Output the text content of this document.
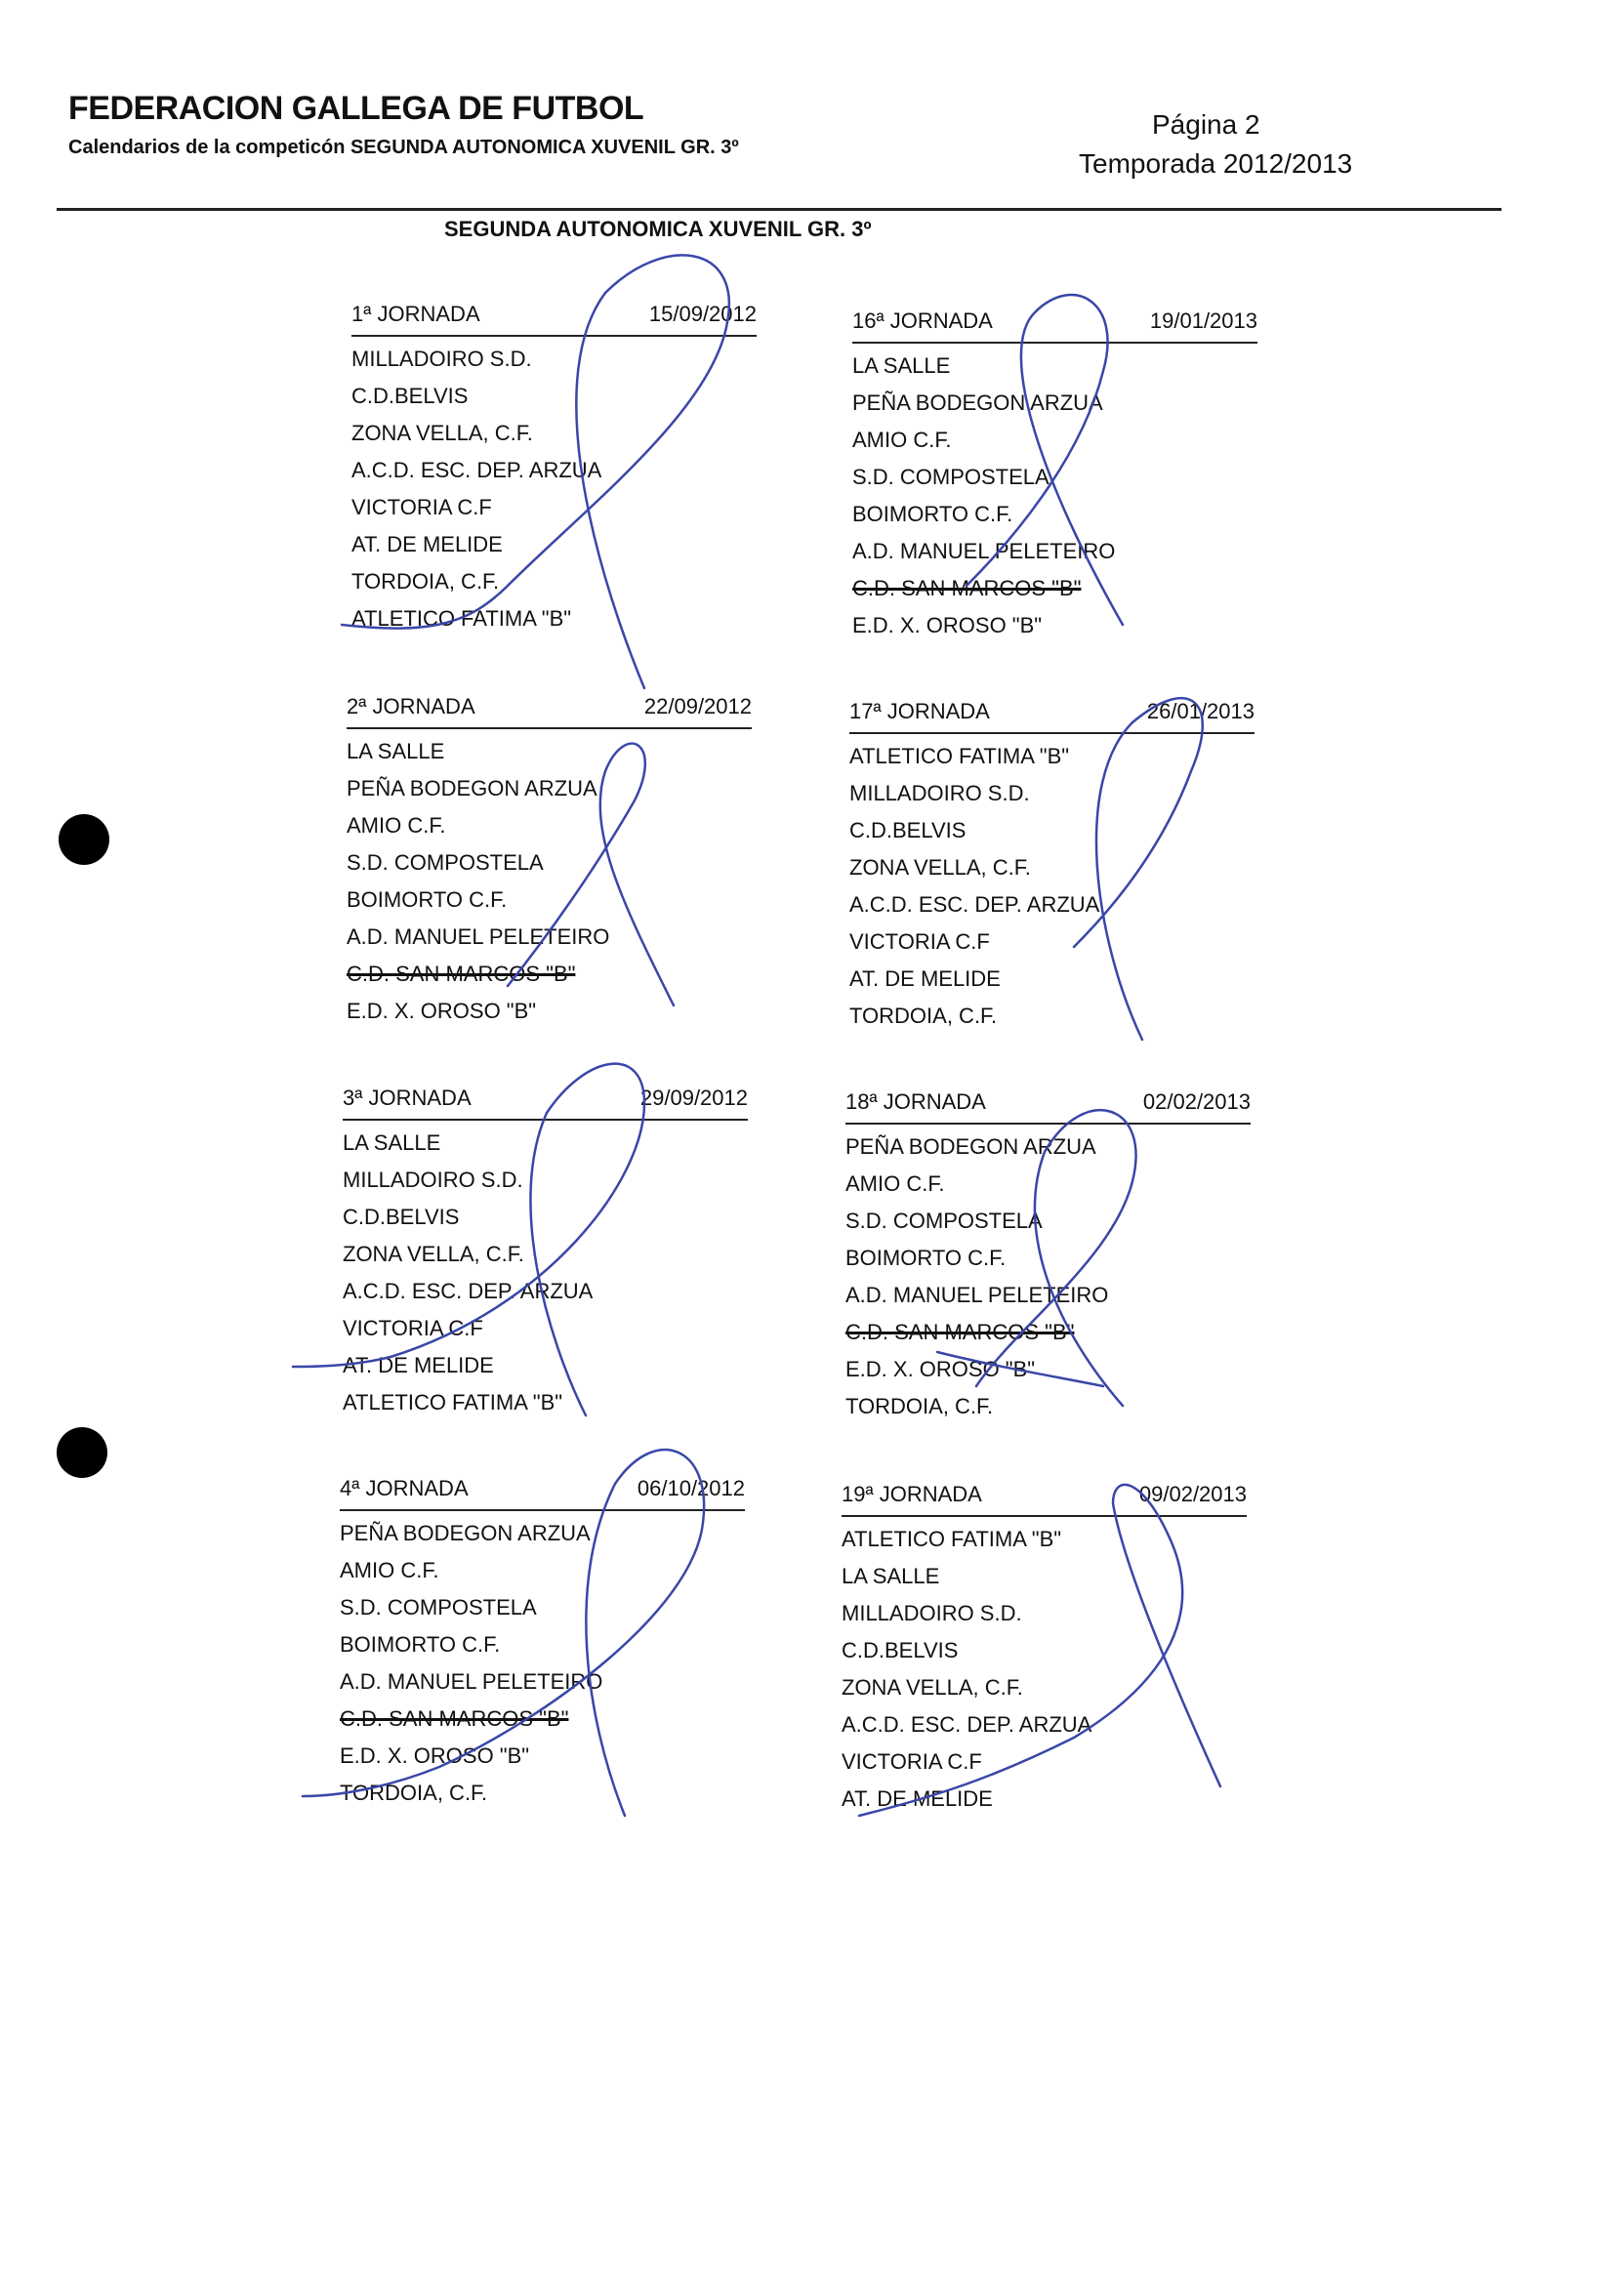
FEDERACION GALLEGA DE FUTBOL
Calendarios de la competicón SEGUNDA AUTONOMICA XUVENIL GR. 3º
Página 2
Temporada 2012/2013
SEGUNDA AUTONOMICA XUVENIL GR. 3º
1ª JORNADA	15/09/2012
MILLADOIRO S.D.
C.D.BELVIS
ZONA VELLA, C.F.
A.C.D. ESC. DEP. ARZUA
VICTORIA C.F
AT. DE MELIDE
TORDOIA, C.F.
ATLETICO FATIMA "B"
16ª JORNADA	19/01/2013
LA SALLE
PEÑA BODEGON ARZUA
AMIO C.F.
S.D. COMPOSTELA
BOIMORTO C.F.
A.D. MANUEL PELETEIRO
C.D. SAN MARCOS "B"
E.D. X. OROSO "B"
2ª JORNADA	22/09/2012
LA SALLE
PEÑA BODEGON ARZUA
AMIO C.F.
S.D. COMPOSTELA
BOIMORTO C.F.
A.D. MANUEL PELETEIRO
C.D. SAN MARCOS "B"
E.D. X. OROSO "B"
17ª JORNADA	26/01/2013
ATLETICO FATIMA "B"
MILLADOIRO S.D.
C.D.BELVIS
ZONA VELLA, C.F.
A.C.D. ESC. DEP. ARZUA
VICTORIA C.F
AT. DE MELIDE
TORDOIA, C.F.
3ª JORNADA	29/09/2012
LA SALLE
MILLADOIRO S.D.
C.D.BELVIS
ZONA VELLA, C.F.
A.C.D. ESC. DEP. ARZUA
VICTORIA C.F
AT. DE MELIDE
ATLETICO FATIMA "B"
18ª JORNADA	02/02/2013
PEÑA BODEGON ARZUA
AMIO C.F.
S.D. COMPOSTELA
BOIMORTO C.F.
A.D. MANUEL PELETEIRO
C.D. SAN MARCOS "B"
E.D. X. OROSO "B"
TORDOIA, C.F.
4ª JORNADA	06/10/2012
PEÑA BODEGON ARZUA
AMIO C.F.
S.D. COMPOSTELA
BOIMORTO C.F.
A.D. MANUEL PELETEIRO
C.D. SAN MARCOS "B"
E.D. X. OROSO "B"
TORDOIA, C.F.
19ª JORNADA	09/02/2013
ATLETICO FATIMA "B"
LA SALLE
MILLADOIRO S.D.
C.D.BELVIS
ZONA VELLA, C.F.
A.C.D. ESC. DEP. ARZUA
VICTORIA C.F
AT. DE MELIDE
